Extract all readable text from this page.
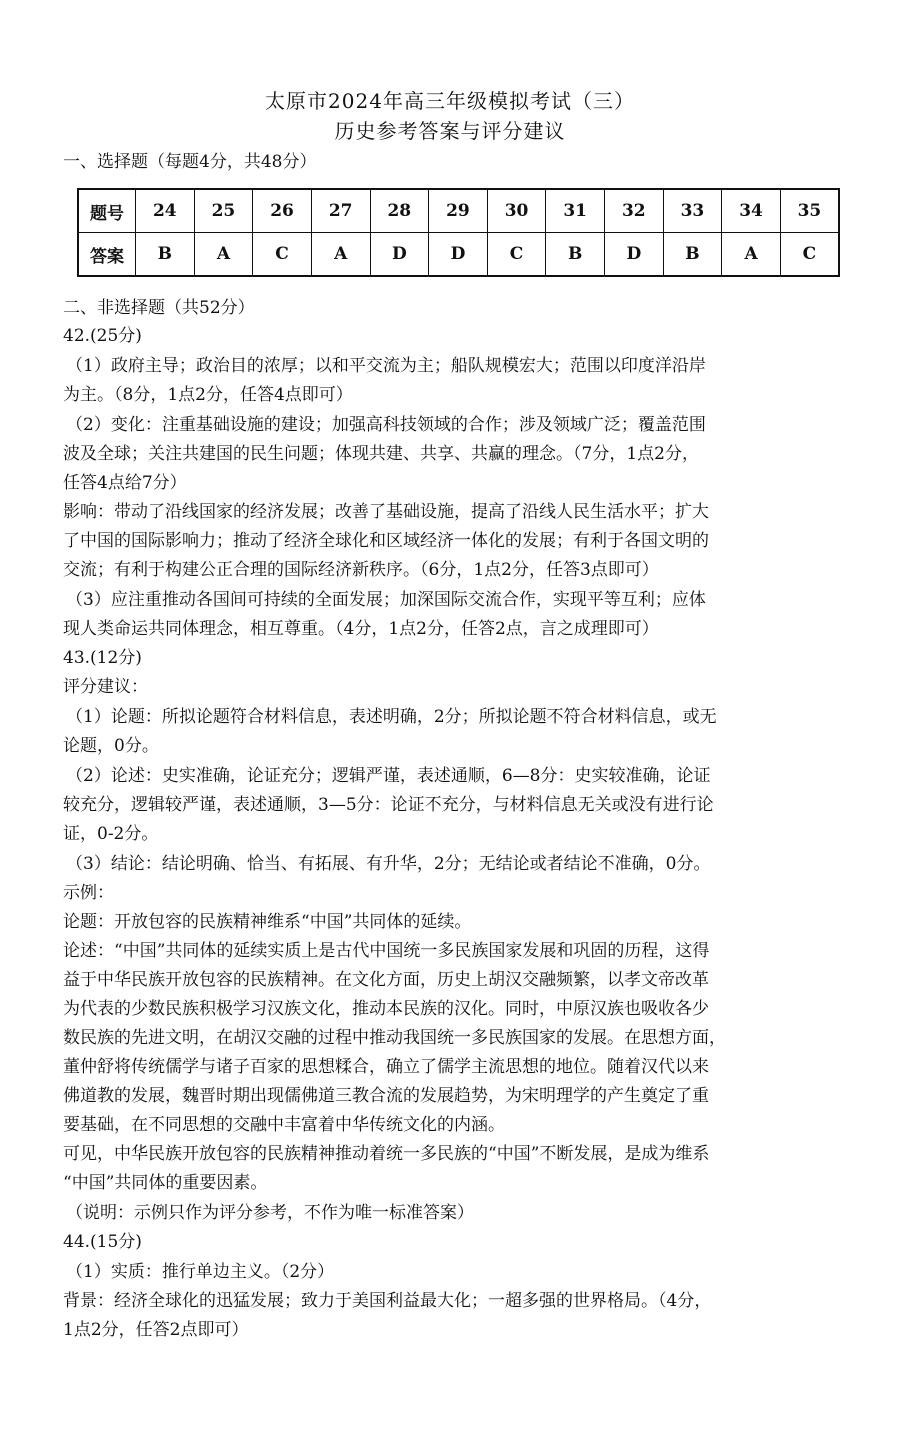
太原市2024年高三年级模拟考试（三）
历史参考答案与评分建议
一、选择题（每题4分，共48分）
题号	24	25	26	27	28	29	30	31	32	33	34	35
答案	B	A	C	A	D	D	C	B	D	B	A	C
二、非选择题（共52分）
42.(25分)
（1）政府主导；政治目的浓厚；以和平交流为主；船队规模宏大；范围以印度洋沿岸
为主。（8分，1点2分，任答4点即可）
（2）变化：注重基础设施的建设；加强高科技领域的合作；涉及领域广泛；覆盖范围
波及全球；关注共建国的民生问题；体现共建、共享、共赢的理念。（7分，1点2分，
任答4点给7分）
影响：带动了沿线国家的经济发展；改善了基础设施，提高了沿线人民生活水平；扩大
了中国的国际影响力；推动了经济全球化和区域经济一体化的发展；有利于各国文明的
交流；有利于构建公正合理的国际经济新秩序。（6分，1点2分，任答3点即可）
（3）应注重推动各国间可持续的全面发展；加深国际交流合作，实现平等互利；应体
现人类命运共同体理念，相互尊重。（4分，1点2分，任答2点，言之成理即可）
43.(12分)
评分建议：
（1）论题：所拟论题符合材料信息，表述明确，2分；所拟论题不符合材料信息，或无
论题，0分。
（2）论述：史实准确，论证充分；逻辑严谨，表述通顺，6—8分：史实较准确，论证
较充分，逻辑较严谨，表述通顺，3—5分：论证不充分，与材料信息无关或没有进行论
证，0-2分。
（3）结论：结论明确、恰当、有拓展、有升华，2分；无结论或者结论不准确，0分。
示例：
论题：开放包容的民族精神维系“中国”共同体的延续。
论述：“中国”共同体的延续实质上是古代中国统一多民族国家发展和巩固的历程，这得
益于中华民族开放包容的民族精神。在文化方面，历史上胡汉交融频繁，以孝文帝改革
为代表的少数民族积极学习汉族文化，推动本民族的汉化。同时，中原汉族也吸收各少
数民族的先进文明，在胡汉交融的过程中推动我国统一多民族国家的发展。在思想方面，
董仲舒将传统儒学与诸子百家的思想糅合，确立了儒学主流思想的地位。随着汉代以来
佛道教的发展，魏晋时期出现儒佛道三教合流的发展趋势，为宋明理学的产生奠定了重
要基础，在不同思想的交融中丰富着中华传统文化的内涵。
可见，中华民族开放包容的民族精神推动着统一多民族的“中国”不断发展，是成为维系
“中国”共同体的重要因素。
（说明：示例只作为评分参考，不作为唯一标准答案）
44.(15分)
（1）实质：推行单边主义。（2分）
背景：经济全球化的迅猛发展；致力于美国利益最大化；一超多强的世界格局。（4分，
1点2分，任答2点即可）
